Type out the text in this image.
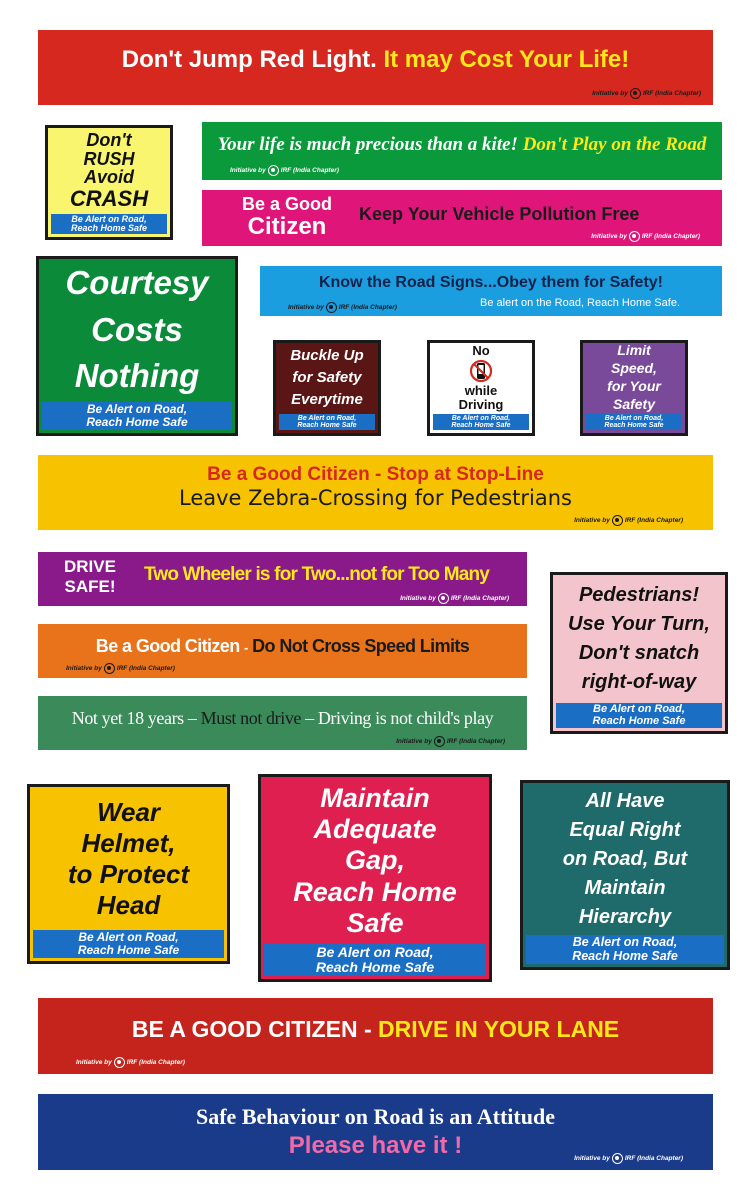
Don't Jump Red Light. It may Cost Your Life!
Initiative by IRF (India Chapter)
Don't
RUSH
Avoid
CRASH
Be Alert on Road,
Reach Home Safe
Your life is much precious than a kite! Don't Play on the Road
Initiative by IRF (India Chapter)
Be a Good
Citizen	Keep Your Vehicle Pollution Free
Initiative by IRF (India Chapter)
Courtesy
Costs
Nothing
Be Alert on Road,
Reach Home Safe
Know the Road Signs...Obey them for Safety!
Be alert on the Road, Reach Home Safe.
Initiative by IRF (India Chapter)
Buckle Up
for Safety
Everytime
Be Alert on Road,
Reach Home Safe
No
while
Driving
Be Alert on Road,
Reach Home Safe
Limit
Speed,
for Your
Safety
Be Alert on Road,
Reach Home Safe
Be a Good Citizen - Stop at Stop-Line
Leave Zebra-Crossing for Pedestrians
Initiative by IRF (India Chapter)
DRIVE
SAFE!
Two Wheeler is for Two...not for Too Many
Initiative by IRF (India Chapter)	Pedestrians!
Use Your Turn,
Don't snatch
right-of-way
Be Alert on Road,
Reach Home Safe
Be a Good Citizen - Do Not Cross Speed Limits
Initiative by IRF (India Chapter)
Not yet 18 years – Must not drive – Driving is not child's play
Initiative by IRF (India Chapter)
Wear
Helmet,
to Protect
Head
Be Alert on Road,
Reach Home Safe
Maintain
Adequate
Gap,
Reach Home
Safe
Be Alert on Road,
Reach Home Safe
All Have
Equal Right
on Road, But
Maintain
Hierarchy
Be Alert on Road,
Reach Home Safe
BE A GOOD CITIZEN - DRIVE IN YOUR LANE
Initiative by IRF (India Chapter)
Safe Behaviour on Road is an Attitude
Please have it !	Initiative by IRF (India Chapter)
